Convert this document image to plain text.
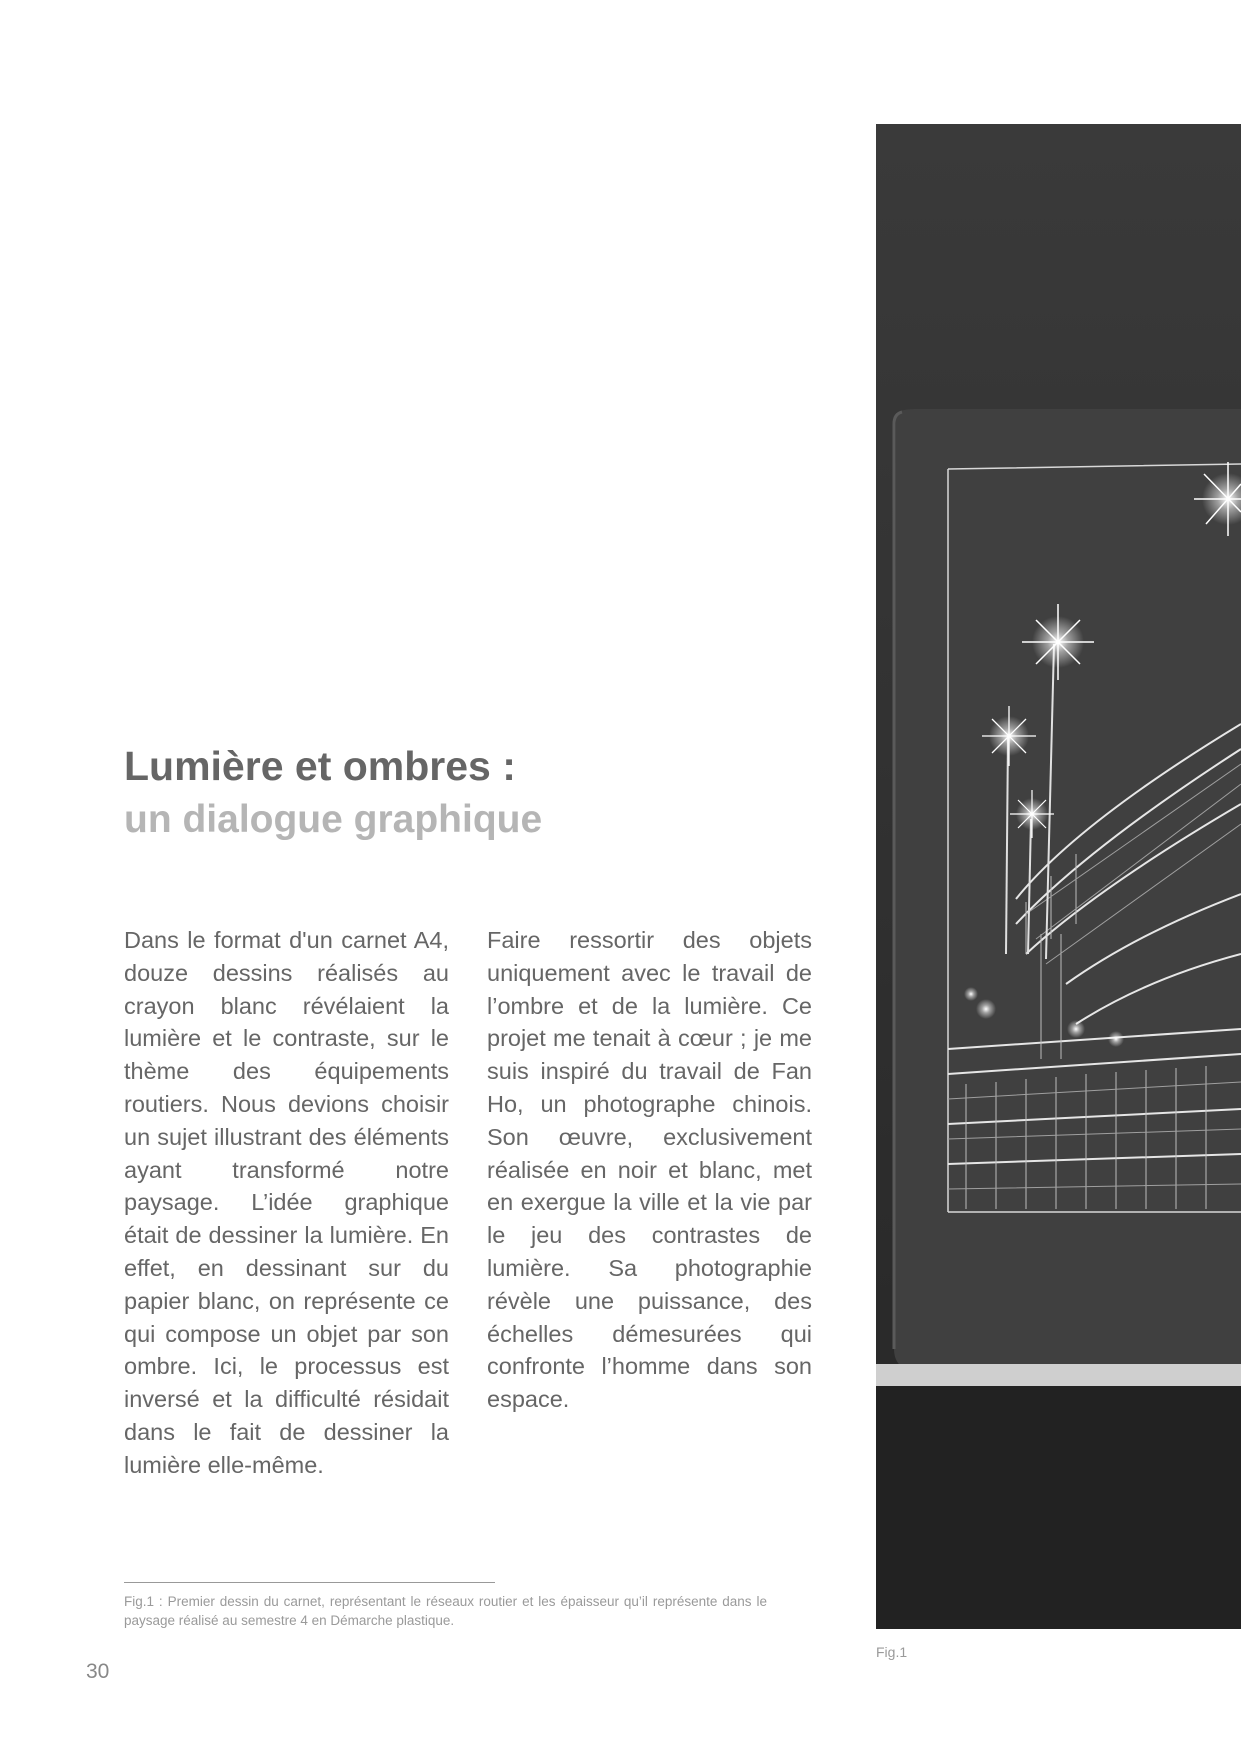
Lumière et ombres :
un dialogue graphique

Dans le format d'un carnet A4, douze dessins réalisés au crayon blanc révélaient la lumière et le contraste, sur le thème des équipements routiers. Nous devions choisir un sujet illustrant des éléments ayant transformé notre paysage. L’idée graphique était de dessiner la lumière. En effet, en dessinant sur du papier blanc, on représente ce qui compose un objet par son ombre. Ici, le processus est inversé et la difficulté résidait dans le fait de dessiner la lumière elle-même.

Faire ressortir des objets uniquement avec le travail de l’ombre et de la lumière. Ce projet me tenait à cœur ; je me suis inspiré du travail de Fan Ho, un photographe chinois. Son œuvre, exclusivement réalisée en noir et blanc, met en exergue la ville et la vie par le jeu des contrastes de lumière. Sa photographie révèle une puissance, des échelles démesurées qui confronte l’homme dans son espace.

Fig.1 : Premier dessin du carnet, représentant le réseaux routier et les épaisseur qu’il représente dans le paysage réalisé au semestre 4 en Démarche plastique.

30
Fig.1
